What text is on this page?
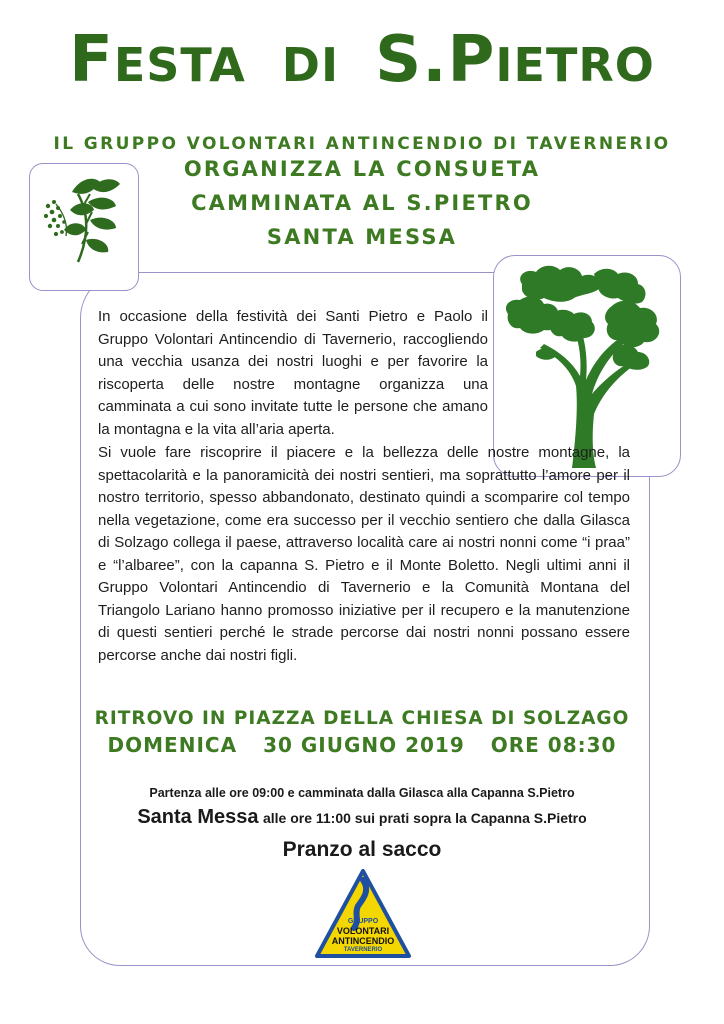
FESTA DI S.PIETRO
IL GRUPPO VOLONTARI ANTINCENDIO DI TAVERNERIO
ORGANIZZA LA CONSUETA
CAMMINATA AL S.PIETRO
SANTA MESSA
In occasione della festività dei Santi Pietro e Paolo il Gruppo Volontari Antincendio di Tavernerio, raccogliendo una vecchia usanza dei nostri luoghi e per favorire la riscoperta delle nostre montagne organizza una camminata a cui sono invitate tutte le persone che amano la montagna e la vita all’aria aperta.
Si vuole fare riscoprire il piacere e la bellezza delle nostre montagne, la spettacolarità e la panoramicità dei nostri sentieri, ma soprattutto l’amore per il nostro territorio, spesso abbandonato, destinato quindi a scomparire col tempo nella vegetazione, come era successo per il vecchio sentiero che dalla Gilasca di Solzago collega il paese, attraverso località care ai nostri nonni come “i praa” e “l’albaree”, con la capanna S. Pietro e il Monte Boletto. Negli ultimi anni il Gruppo Volontari Antincendio di Tavernerio e la Comunità Montana del Triangolo Lariano hanno promosso iniziative per il recupero e la manutenzione di questi sentieri perché le strade percorse dai nostri nonni possano essere percorse anche dai nostri figli.
RITROVO IN PIAZZA DELLA CHIESA DI SOLZAGO
DOMENICA 30 GIUGNO 2019 ORE 08:30
Partenza alle ore 09:00 e camminata dalla Gilasca alla Capanna S.Pietro
Santa Messa alle ore 11:00 sui prati sopra la Capanna S.Pietro
Pranzo al sacco
GRUPPO
VOLONTARI
ANTINCENDIO
TAVERNERIO
